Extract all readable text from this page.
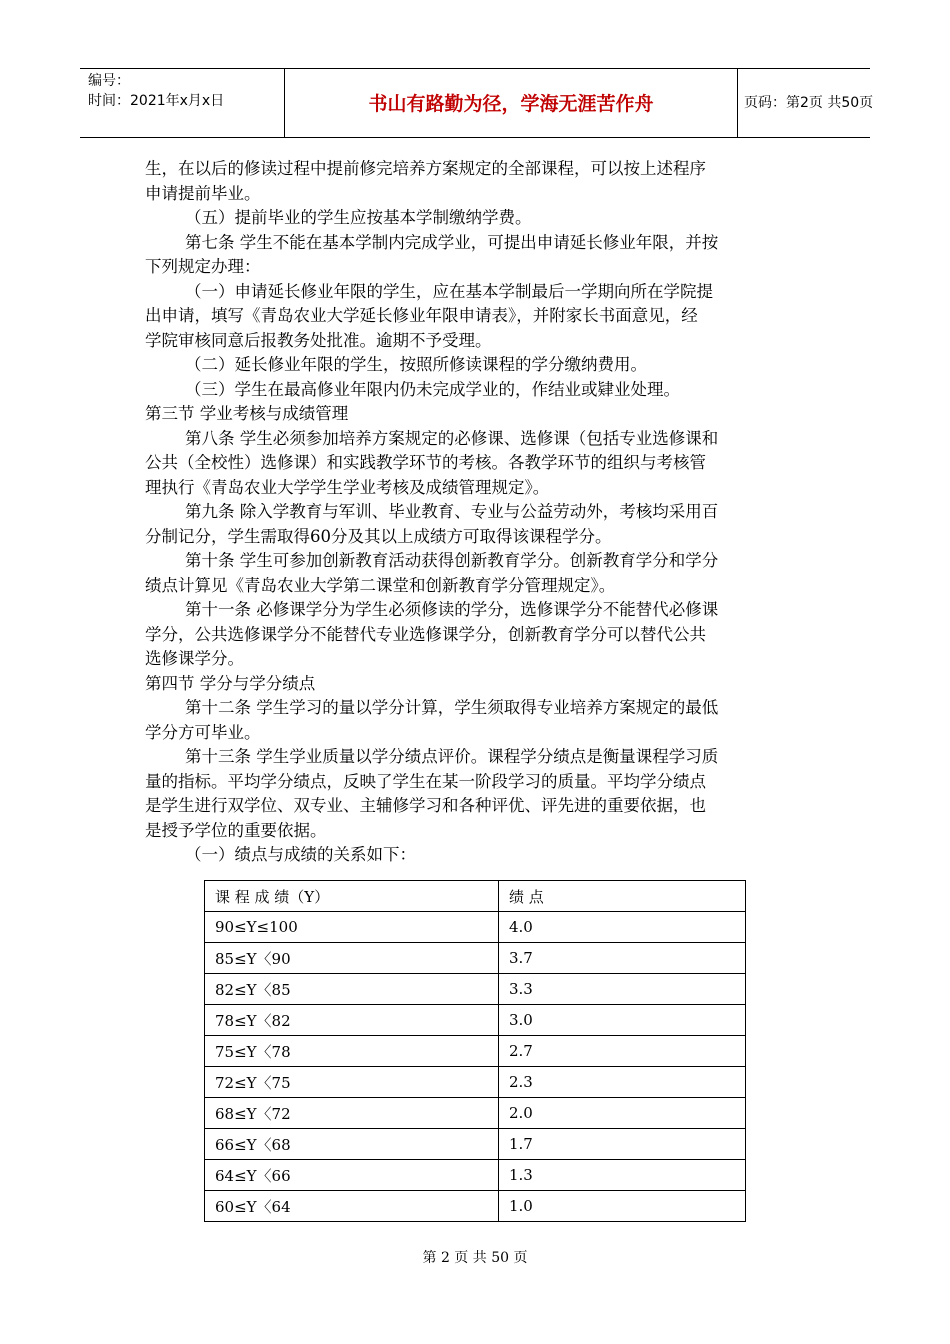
编号：
时间：2021年x月x日	书山有路勤为径，学海无涯苦作舟	页码：第2页 共50页

生，在以后的修读过程中提前修完培养方案规定的全部课程，可以按上述程序

申请提前毕业。

（五）提前毕业的学生应按基本学制缴纳学费。

第七条 学生不能在基本学制内完成学业，可提出申请延长修业年限，并按

下列规定办理：

（一）申请延长修业年限的学生，应在基本学制最后一学期向所在学院提

出申请，填写《青岛农业大学延长修业年限申请表》，并附家长书面意见，经

学院审核同意后报教务处批准。逾期不予受理。

（二）延长修业年限的学生，按照所修读课程的学分缴纳费用。

（三）学生在最高修业年限内仍未完成学业的，作结业或肄业处理。

第三节 学业考核与成绩管理

第八条 学生必须参加培养方案规定的必修课、选修课（包括专业选修课和

公共（全校性）选修课）和实践教学环节的考核。各教学环节的组织与考核管

理执行《青岛农业大学学生学业考核及成绩管理规定》。

第九条 除入学教育与军训、毕业教育、专业与公益劳动外，考核均采用百

分制记分，学生需取得60分及其以上成绩方可取得该课程学分。

第十条 学生可参加创新教育活动获得创新教育学分。创新教育学分和学分

绩点计算见《青岛农业大学第二课堂和创新教育学分管理规定》。

第十一条 必修课学分为学生必须修读的学分，选修课学分不能替代必修课

学分，公共选修课学分不能替代专业选修课学分，创新教育学分可以替代公共

选修课学分。

第四节 学分与学分绩点

第十二条 学生学习的量以学分计算，学生须取得专业培养方案规定的最低

学分方可毕业。

第十三条 学生学业质量以学分绩点评价。课程学分绩点是衡量课程学习质

量的指标。平均学分绩点，反映了学生在某一阶段学习的质量。平均学分绩点

是学生进行双学位、双专业、主辅修学习和各种评优、评先进的重要依据，也

是授予学位的重要依据。

（一）绩点与成绩的关系如下：

课 程 成 绩（Y）	绩 点
90≤Y≤100	4.0
85≤Y〈90	3.7
82≤Y〈85	3.3
78≤Y〈82	3.0
75≤Y〈78	2.7
72≤Y〈75	2.3
68≤Y〈72	2.0
66≤Y〈68	1.7
64≤Y〈66	1.3
60≤Y〈64	1.0
第 2 页 共 50 页
